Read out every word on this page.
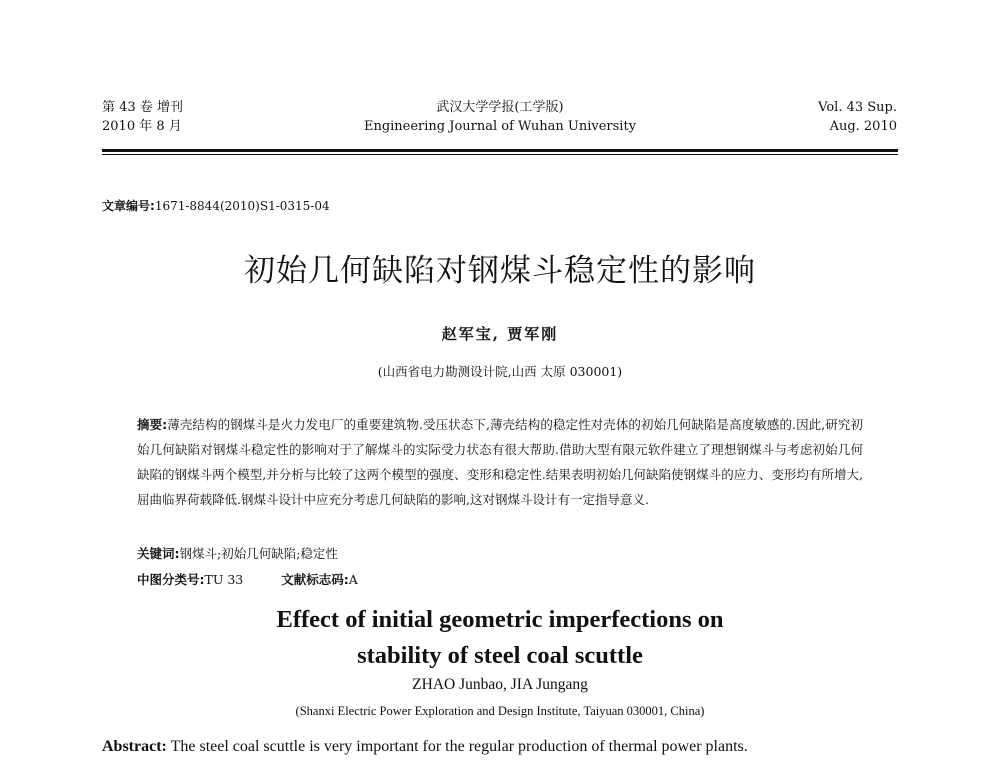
第 43 卷 增刊
2010 年 8 月
武汉大学学报(工学版)
Engineering Journal of Wuhan University
Vol. 43 Sup.
Aug. 2010
文章编号:1671-8844(2010)S1-0315-04
初始几何缺陷对钢煤斗稳定性的影响
赵军宝, 贾军刚
(山西省电力勘测设计院,山西 太原 030001)
摘要:薄壳结构的钢煤斗是火力发电厂的重要建筑物.受压状态下,薄壳结构的稳定性对壳体的初始几何缺陷是高度敏感的.因此,研究初始几何缺陷对钢煤斗稳定性的影响对于了解煤斗的实际受力状态有很大帮助.借助大型有限元软件建立了理想钢煤斗与考虑初始几何缺陷的钢煤斗两个模型,并分析与比较了这两个模型的强度、变形和稳定性.结果表明初始几何缺陷使钢煤斗的应力、变形均有所增大,屈曲临界荷载降低.钢煤斗设计中应充分考虑几何缺陷的影响,这对钢煤斗设计有一定指导意义.
关键词:钢煤斗;初始几何缺陷;稳定性
中图分类号:TU 33	文献标志码:A
Effect of initial geometric imperfections on
stability of steel coal scuttle
ZHAO Junbao, JIA Jungang
(Shanxi Electric Power Exploration and Design Institute, Taiyuan 030001, China)
Abstract: The steel coal scuttle is very important for the regular production of thermal power plants.
